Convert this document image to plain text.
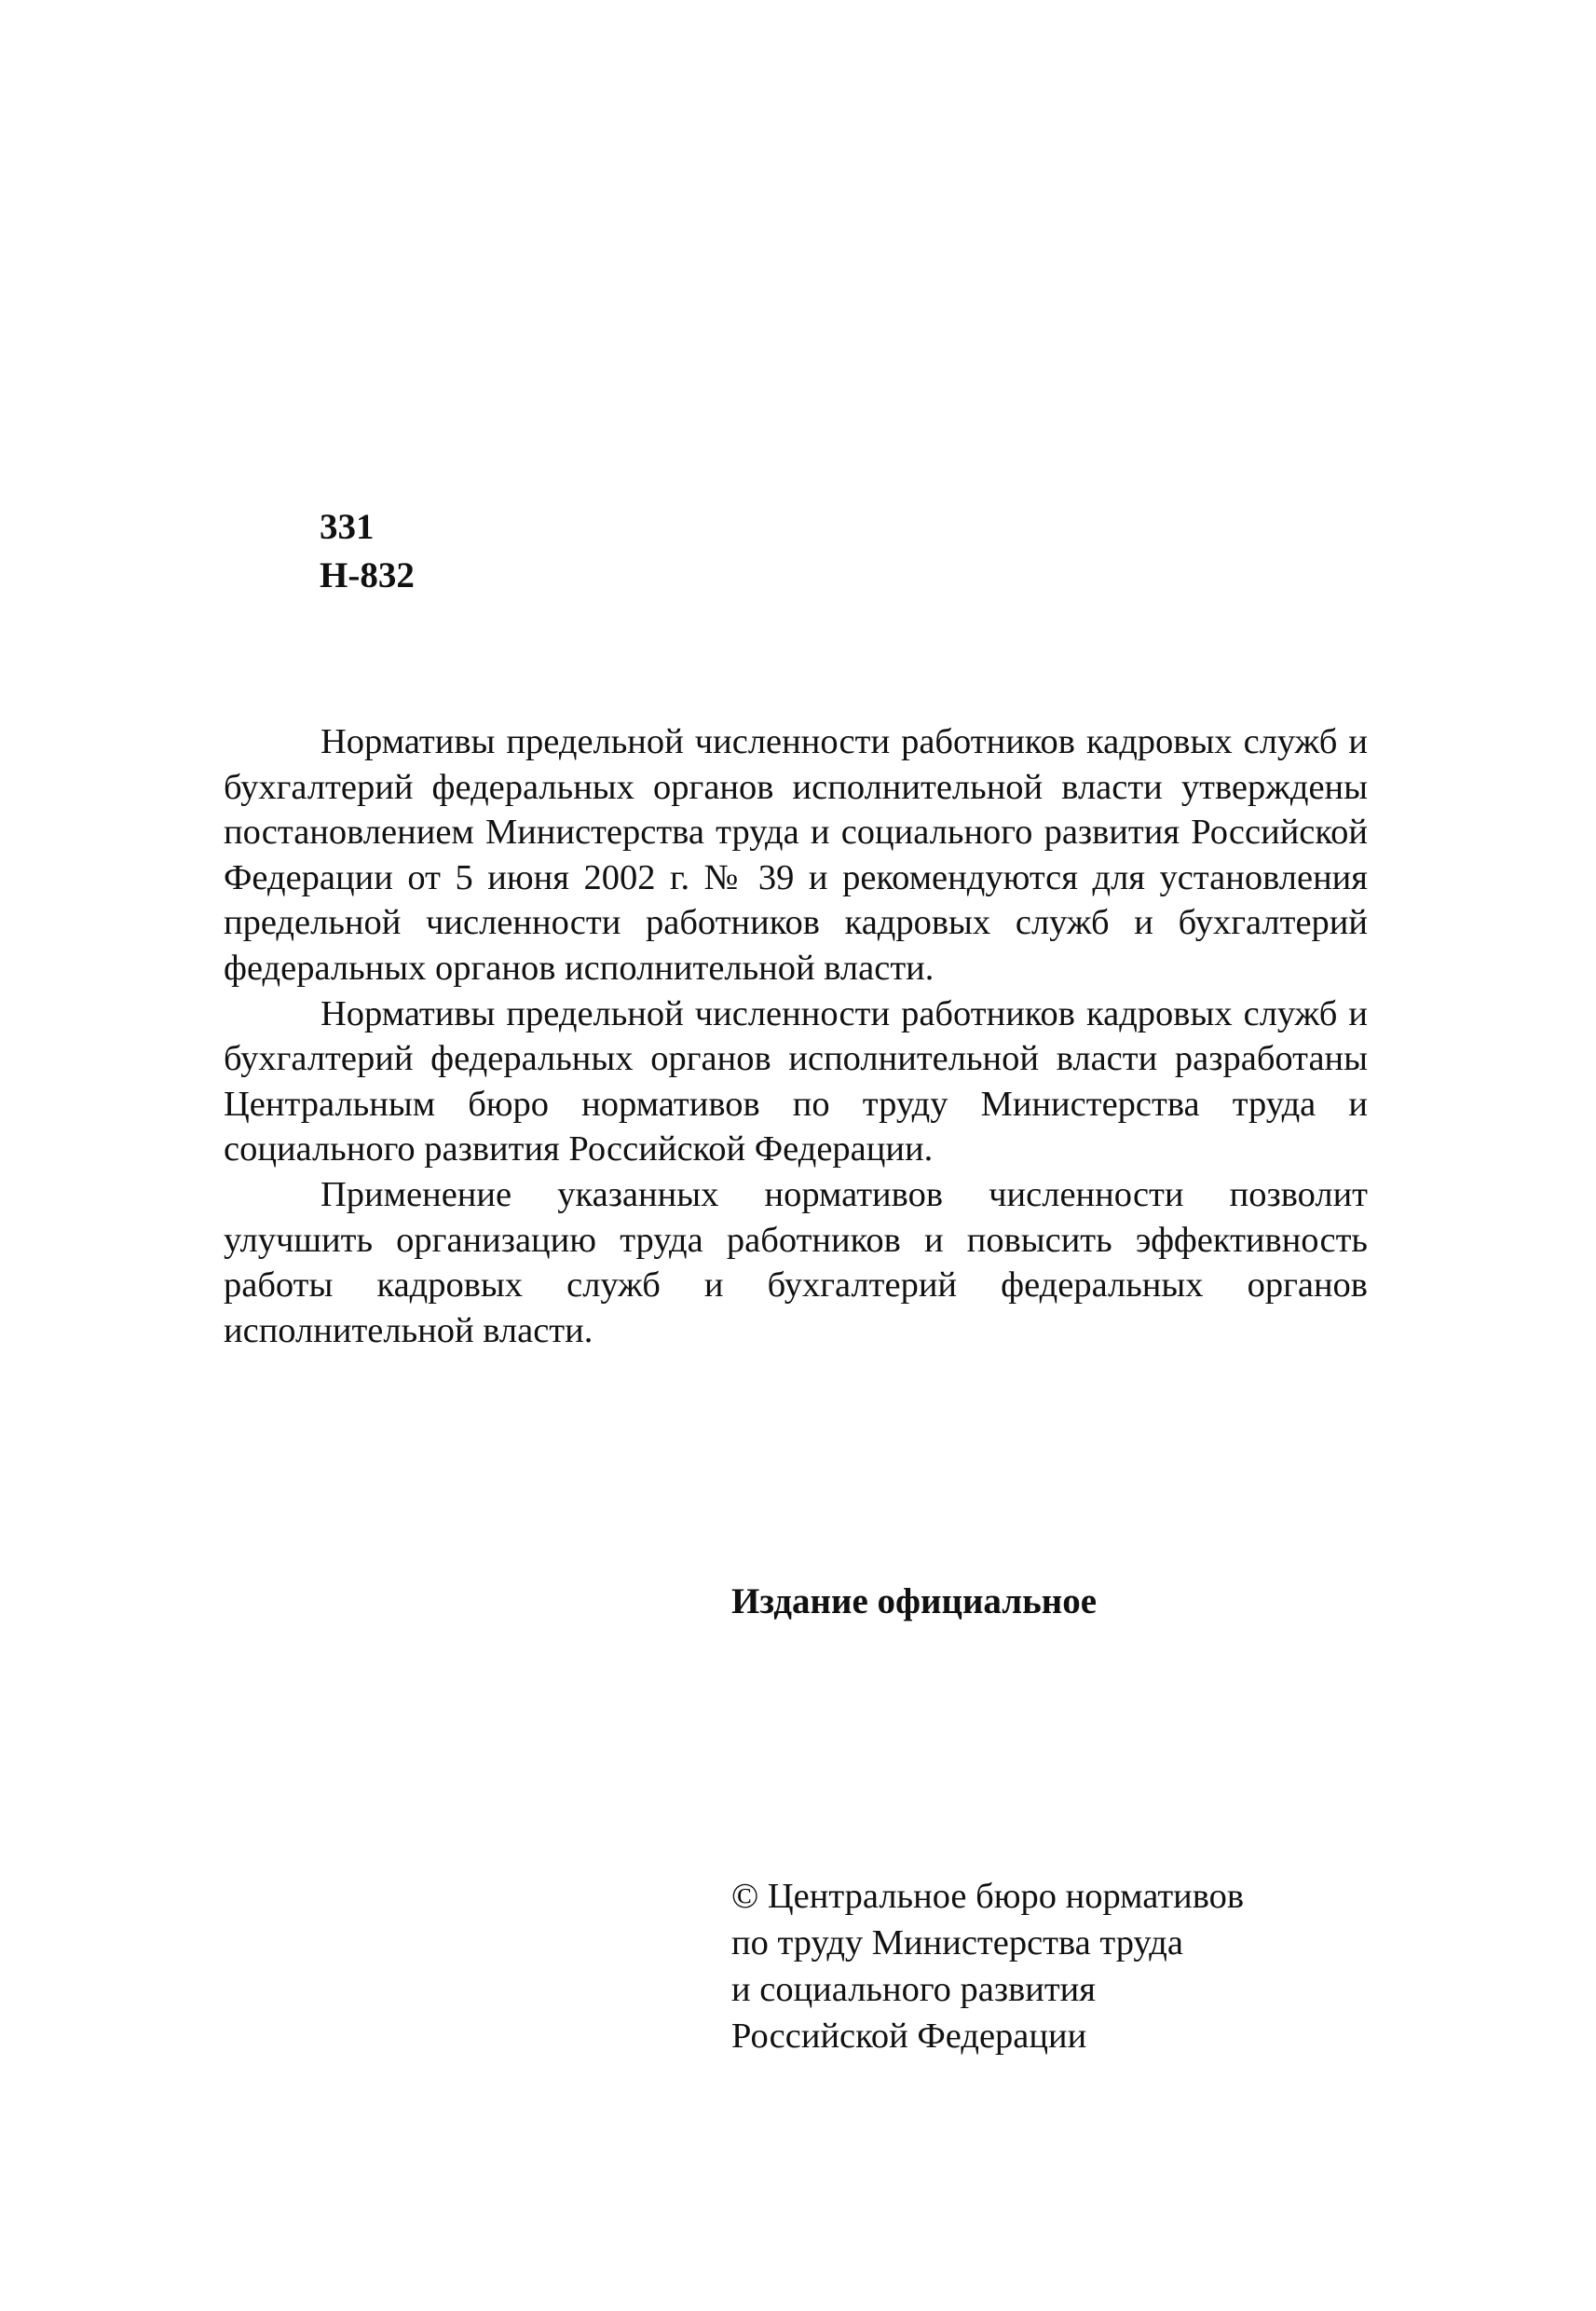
331
Н-832

Нормативы предельной численности работников кадровых служб и бухгалтерий федеральных органов исполнительной власти утверждены постановлением Министерства труда и социального развития Российской Федерации от 5 июня 2002 г. № 39 и рекомендуются для установления предельной численности работников кадровых служб и бухгалтерий федеральных органов исполнительной власти.

Нормативы предельной численности работников кадровых служб и бухгалтерий федеральных органов исполнительной власти разработаны Центральным бюро нормативов по труду Министерства труда и социального развития Российской Федерации.

Применение указанных нормативов численности позволит улучшить организацию труда работников и повысить эффективность работы кадровых служб и бухгалтерий федеральных органов исполнительной власти.

Издание официальное
© Центральное бюро нормативов
по труду Министерства труда
и социального развития
Российской Федерации
